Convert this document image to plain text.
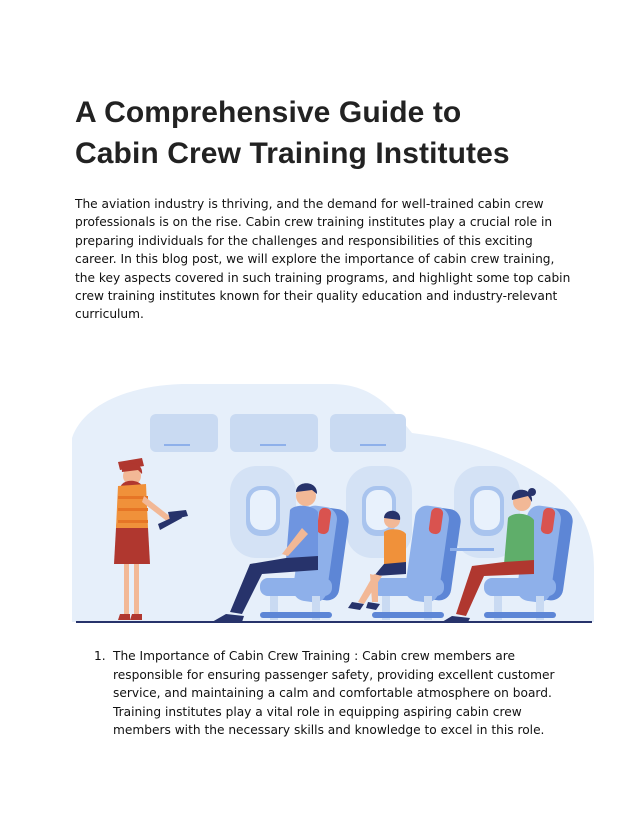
A Comprehensive Guide to
Cabin Crew Training Institutes

The aviation industry is thriving, and the demand for well-trained cabin crew
professionals is on the rise. Cabin crew training institutes play a crucial role in
preparing individuals for the challenges and responsibilities of this exciting
career. In this blog post, we will explore the importance of cabin crew training,
the key aspects covered in such training programs, and highlight some top cabin
crew training institutes known for their quality education and industry-relevant
curriculum.

1. The Importance of Cabin Crew Training : Cabin crew members are
responsible for ensuring passenger safety, providing excellent customer
service, and maintaining a calm and comfortable atmosphere on board.
Training institutes play a vital role in equipping aspiring cabin crew
members with the necessary skills and knowledge to excel in this role.
